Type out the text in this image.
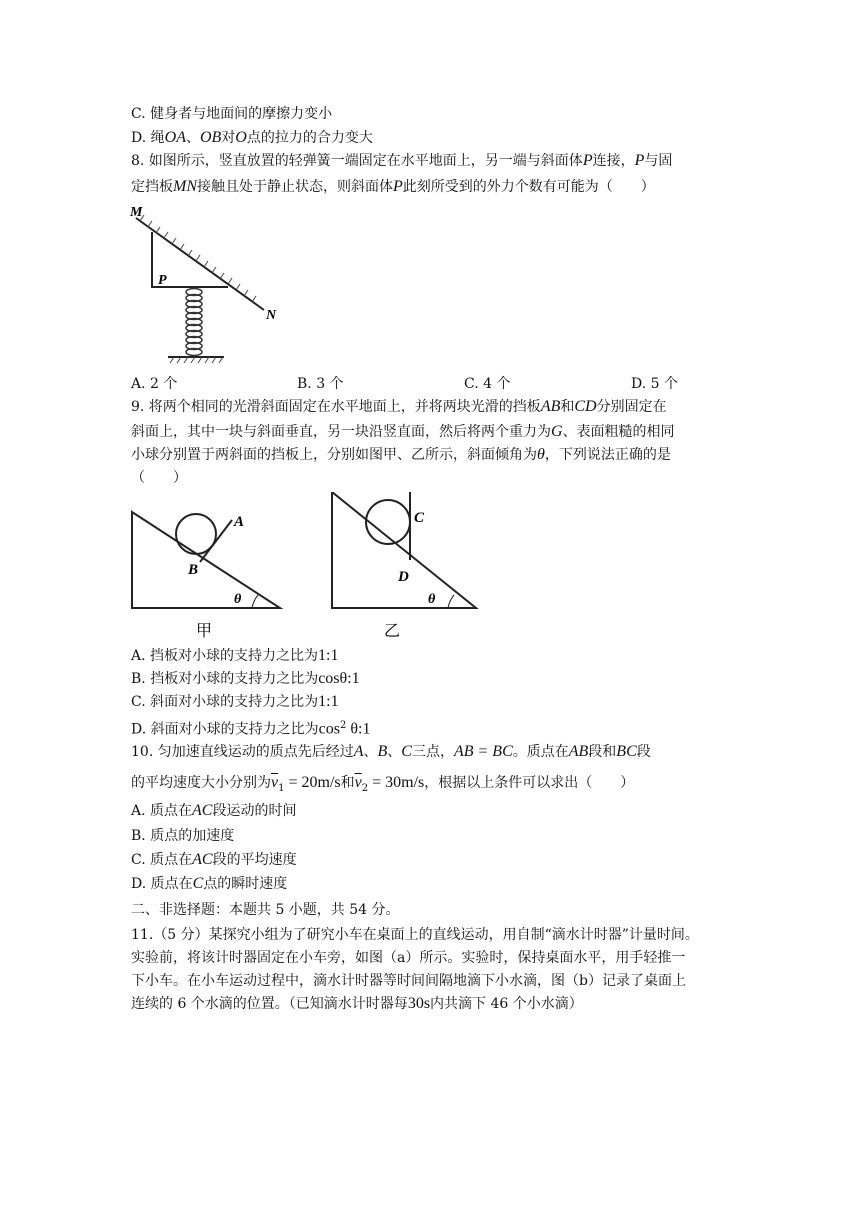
C. 健身者与地面间的摩擦力变小
D. 绳OA、OB对O点的拉力的合力变大
8. 如图所示，竖直放置的轻弹簧一端固定在水平地面上，另一端与斜面体P连接，P与固
定挡板MN接触且处于静止状态，则斜面体P此刻所受到的外力个数有可能为（　　）
M
N
P
A. 2 个	B. 3 个	C. 4 个	D. 5 个
9. 将两个相同的光滑斜面固定在水平地面上，并将两块光滑的挡板AB和CD分别固定在
斜面上，其中一块与斜面垂直，另一块沿竖直面，然后将两个重力为G、表面粗糙的相同
小球分别置于两斜面的挡板上，分别如图甲、乙所示，斜面倾角为θ，下列说法正确的是
（　　）
A
B
θ
甲
C
D
θ
乙
A. 挡板对小球的支持力之比为1:1
B. 挡板对小球的支持力之比为cosθ:1
C. 斜面对小球的支持力之比为1:1
D. 斜面对小球的支持力之比为$\cos^2$ θ:1
10. 匀加速直线运动的质点先后经过A、B、C三点，AB = BC。质点在AB段和BC段
的平均速度大小分别为$\overline{v}_1 = 20m/s$和$\overline{v}_2 = 30m/s$，根据以上条件可以求出（　　）
A. 质点在AC段运动的时间
B. 质点的加速度
C. 质点在AC段的平均速度
D. 质点在C点的瞬时速度
二、非选择题：本题共 5 小题，共 54 分。
11.（5 分）某探究小组为了研究小车在桌面上的直线运动，用自制“滴水计时器”计量时间。
实验前，将该计时器固定在小车旁，如图（a）所示。实验时，保持桌面水平，用手轻推一
下小车。在小车运动过程中，滴水计时器等时间间隔地滴下小水滴，图（b）记录了桌面上
连续的 6 个水滴的位置。（已知滴水计时器每30s内共滴下 46 个小水滴）
